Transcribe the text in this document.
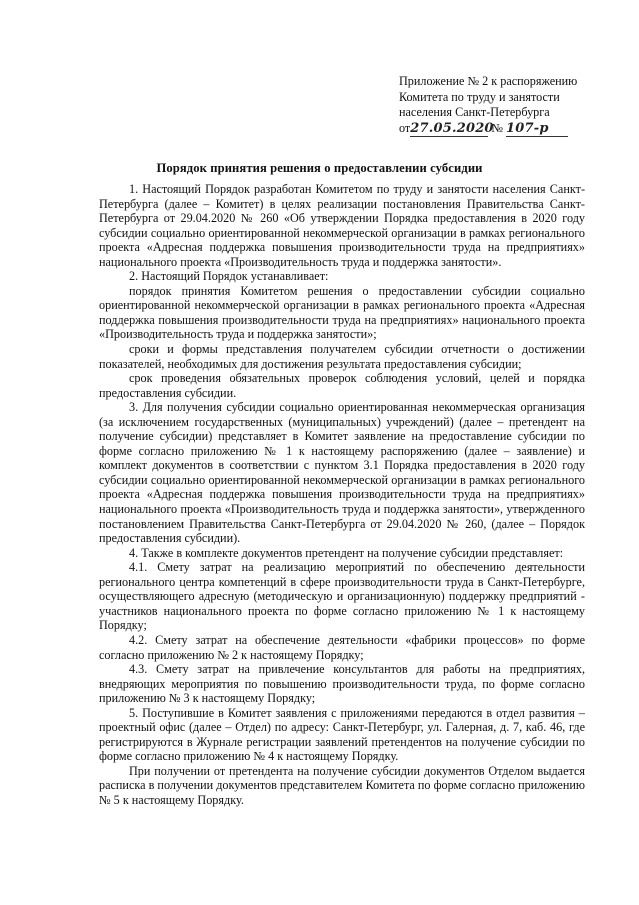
Приложение № 2 к распоряжению
Комитета по труду и занятости
населения Санкт-Петербурга
от27.05.2020 № 107-р
Порядок принятия решения о предоставлении субсидии

1. Настоящий Порядок разработан Комитетом по труду и занятости населения Санкт-Петербурга (далее – Комитет) в целях реализации постановления Правительства Санкт-Петербурга от 29.04.2020 № 260 «Об утверждении Порядка предоставления в 2020 году субсидии социально ориентированной некоммерческой организации в рамках регионального проекта «Адресная поддержка повышения производительности труда на предприятиях» национального проекта «Производительность труда и поддержка занятости».

2. Настоящий Порядок устанавливает:

порядок принятия Комитетом решения о предоставлении субсидии социально ориентированной некоммерческой организации в рамках регионального проекта «Адресная поддержка повышения производительности труда на предприятиях» национального проекта «Производительность труда и поддержка занятости»;

сроки и формы представления получателем субсидии отчетности о достижении показателей, необходимых для достижения результата предоставления субсидии;

срок проведения обязательных проверок соблюдения условий, целей и порядка предоставления субсидии.

3. Для получения субсидии социально ориентированная некоммерческая организация (за исключением государственных (муниципальных) учреждений) (далее – претендент на получение субсидии) представляет в Комитет заявление на предоставление субсидии по форме согласно приложению № 1 к настоящему распоряжению (далее – заявление) и комплект документов в соответствии с пунктом 3.1 Порядка предоставления в 2020 году субсидии социально ориентированной некоммерческой организации в рамках регионального проекта «Адресная поддержка повышения производительности труда на предприятиях» национального проекта «Производительность труда и поддержка занятости», утвержденного постановлением Правительства Санкт-Петербурга от 29.04.2020 № 260, (далее – Порядок предоставления субсидии).

4. Также в комплекте документов претендент на получение субсидии представляет:

4.1. Смету затрат на реализацию мероприятий по обеспечению деятельности регионального центра компетенций в сфере производительности труда в Санкт-Петербурге, осуществляющего адресную (методическую и организационную) поддержку предприятий - участников национального проекта по форме согласно приложению № 1 к настоящему Порядку;

4.2. Смету затрат на обеспечение деятельности «фабрики процессов» по форме согласно приложению № 2 к настоящему Порядку;

4.3. Смету затрат на привлечение консультантов для работы на предприятиях, внедряющих мероприятия по повышению производительности труда, по форме согласно приложению № 3 к настоящему Порядку;

5. Поступившие в Комитет заявления с приложениями передаются в отдел развития – проектный офис (далее – Отдел) по адресу: Санкт-Петербург, ул. Галерная, д. 7, каб. 46, где регистрируются в Журнале регистрации заявлений претендентов на получение субсидии по форме согласно приложению № 4 к настоящему Порядку.

При получении от претендента на получение субсидии документов Отделом выдается расписка в получении документов представителем Комитета по форме согласно приложению № 5 к настоящему Порядку.
